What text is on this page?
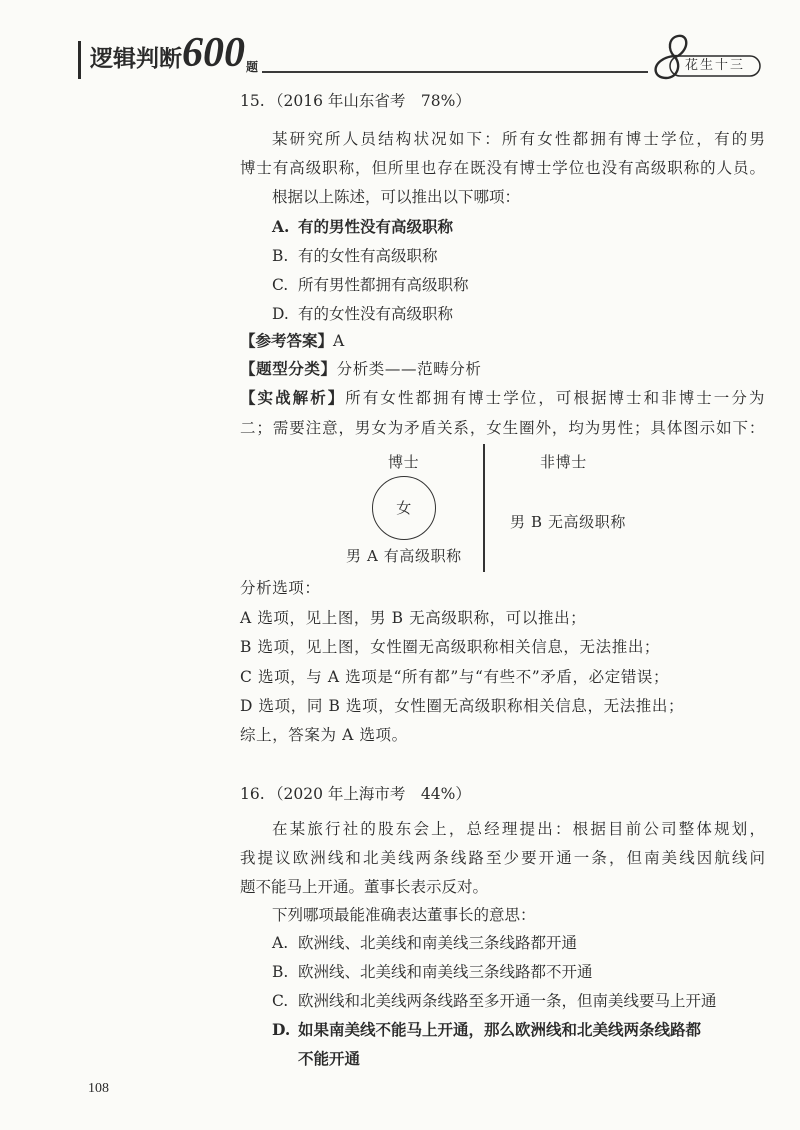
逻辑判断 600 题	花生十三
15. （2016 年山东省考　78%）
某研究所人员结构状况如下：所有女性都拥有博士学位，有的男
博士有高级职称，但所里也存在既没有博士学位也没有高级职称的人员。
根据以上陈述，可以推出以下哪项：
A. 有的男性没有高级职称
B. 有的女性有高级职称
C. 所有男性都拥有高级职称
D. 有的女性没有高级职称
【参考答案】A
【题型分类】分析类——范畴分析
【实战解析】所有女性都拥有博士学位，可根据博士和非博士一分为
二；需要注意，男女为矛盾关系，女生圈外，均为男性；具体图示如下：
博士	非博士
女
男 B 无高级职称
男 A 有高级职称
分析选项：
A 选项，见上图，男 B 无高级职称，可以推出；
B 选项，见上图，女性圈无高级职称相关信息，无法推出；
C 选项，与 A 选项是“所有都”与“有些不”矛盾，必定错误；
D 选项，同 B 选项，女性圈无高级职称相关信息，无法推出；
综上，答案为 A 选项。
16. （2020 年上海市考　44%）
在某旅行社的股东会上，总经理提出：根据目前公司整体规划，
我提议欧洲线和北美线两条线路至少要开通一条，但南美线因航线问
题不能马上开通。董事长表示反对。
下列哪项最能准确表达董事长的意思：
A. 欧洲线、北美线和南美线三条线路都开通
B. 欧洲线、北美线和南美线三条线路都不开通
C. 欧洲线和北美线两条线路至多开通一条，但南美线要马上开通
D. 如果南美线不能马上开通，那么欧洲线和北美线两条线路都
不能开通
108
